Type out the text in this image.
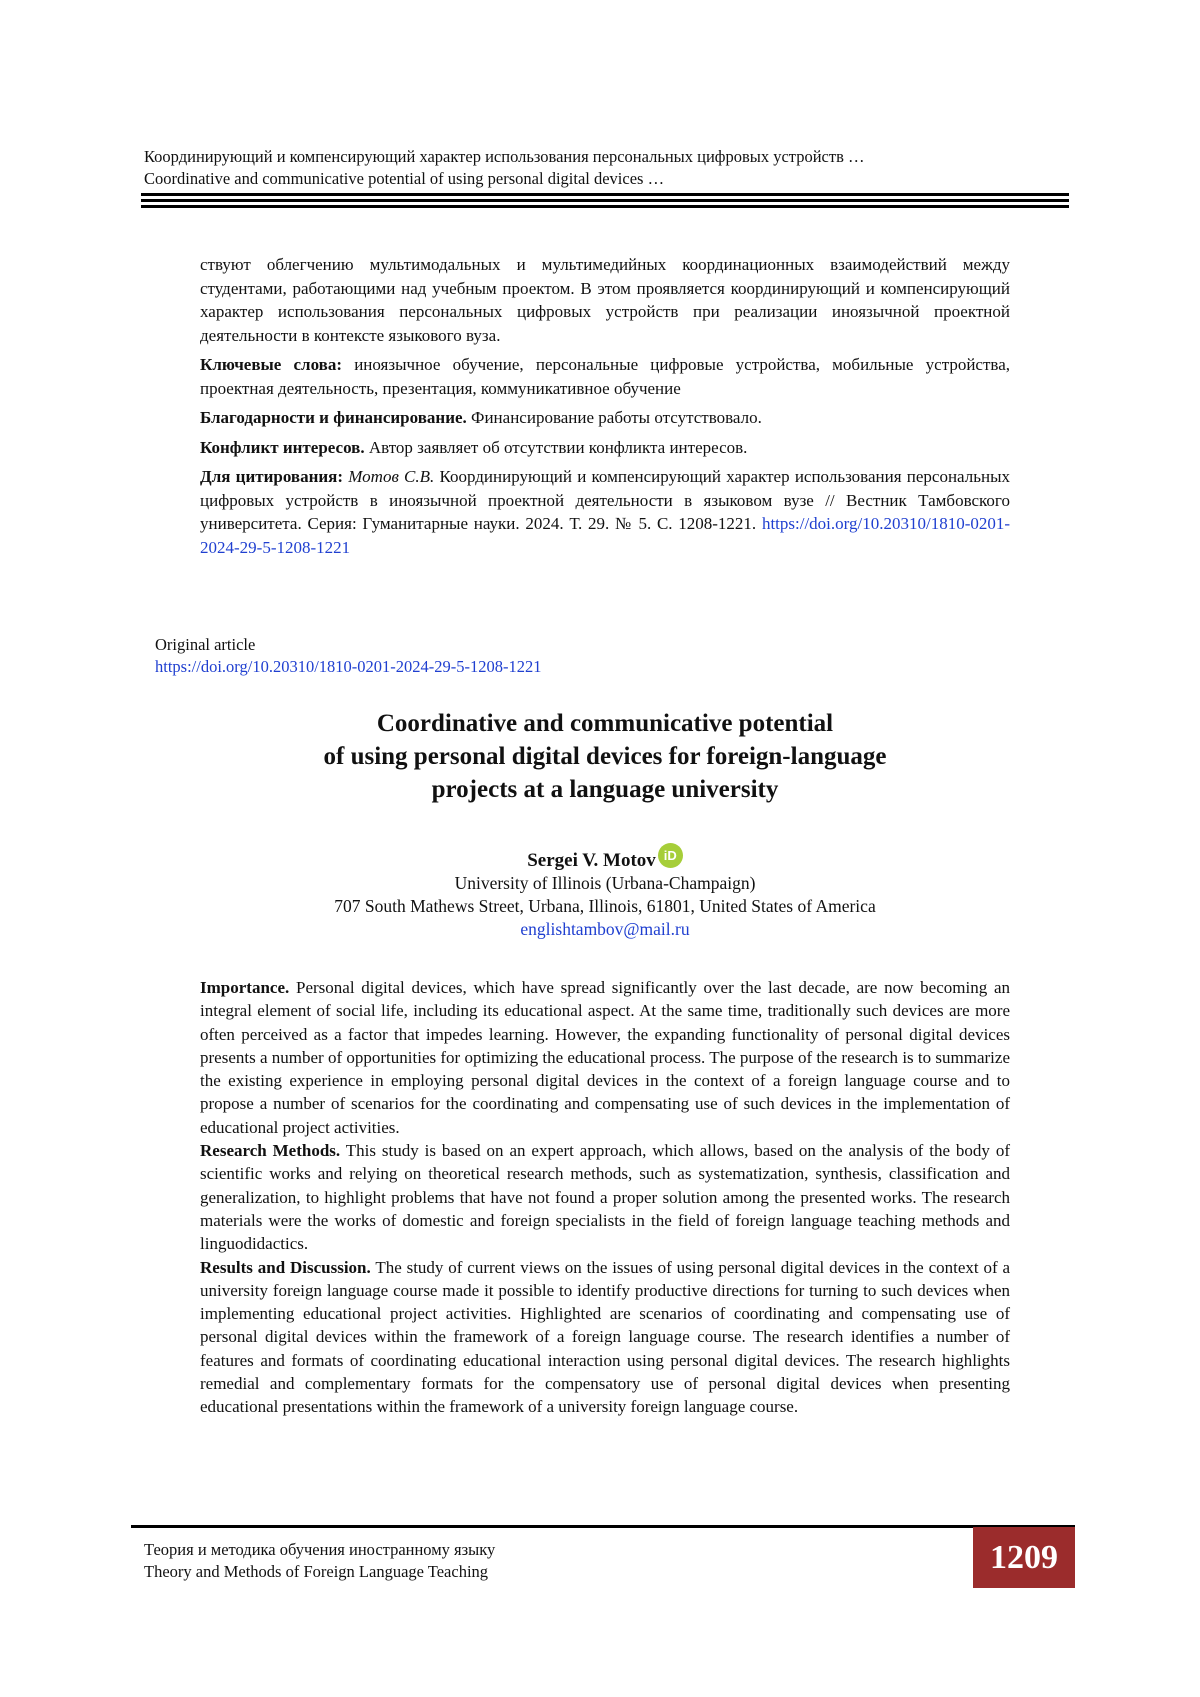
Координирующий и компенсирующий характер использования персональных цифровых устройств …
Coordinative and communicative potential of using personal digital devices …

ствуют облегчению мультимодальных и мультимедийных координационных взаимодействий между студентами, работающими над учебным проектом. В этом проявляется координирующий и компенсирующий характер использования персональных цифровых устройств при реализации иноязычной проектной деятельности в контексте языкового вуза.

Ключевые слова: иноязычное обучение, персональные цифровые устройства, мобильные устройства, проектная деятельность, презентация, коммуникативное обучение

Благодарности и финансирование. Финансирование работы отсутствовало.

Конфликт интересов. Автор заявляет об отсутствии конфликта интересов.

Для цитирования: Мотов С.В. Координирующий и компенсирующий характер использования персональных цифровых устройств в иноязычной проектной деятельности в языковом вузе // Вестник Тамбовского университета. Серия: Гуманитарные науки. 2024. Т. 29. № 5. С. 1208-1221. https://doi.org/10.20310/1810-0201-2024-29-5-1208-1221

Original article
https://doi.org/10.20310/1810-0201-2024-29-5-1208-1221
Coordinative and communicative potential
of using personal digital devices for foreign-language
projects at a language university
Sergei V. Motov iD
University of Illinois (Urbana-Champaign)
707 South Mathews Street, Urbana, Illinois, 61801, United States of America
englishtambov@mail.ru

Importance. Personal digital devices, which have spread significantly over the last decade, are now becoming an integral element of social life, including its educational aspect. At the same time, traditionally such devices are more often perceived as a factor that impedes learning. However, the expanding functionality of personal digital devices presents a number of opportunities for optimizing the educational process. The purpose of the research is to summarize the existing experience in employing personal digital devices in the context of a foreign language course and to propose a number of scenarios for the coordinating and compensating use of such devices in the implementation of educational project activities.

Research Methods. This study is based on an expert approach, which allows, based on the analysis of the body of scientific works and relying on theoretical research methods, such as systematization, synthesis, classification and generalization, to highlight problems that have not found a proper solution among the presented works. The research materials were the works of domestic and foreign specialists in the field of foreign language teaching methods and linguodidactics.

Results and Discussion. The study of current views on the issues of using personal digital devices in the context of a university foreign language course made it possible to identify productive directions for turning to such devices when implementing educational project activities. Highlighted are scenarios of coordinating and compensating use of personal digital devices within the framework of a foreign language course. The research identifies a number of features and formats of coordinating educational interaction using personal digital devices. The research highlights remedial and complementary formats for the compensatory use of personal digital devices when presenting educational presentations within the framework of a university foreign language course.

Теория и методика обучения иностранному языку
Theory and Methods of Foreign Language Teaching	1209
